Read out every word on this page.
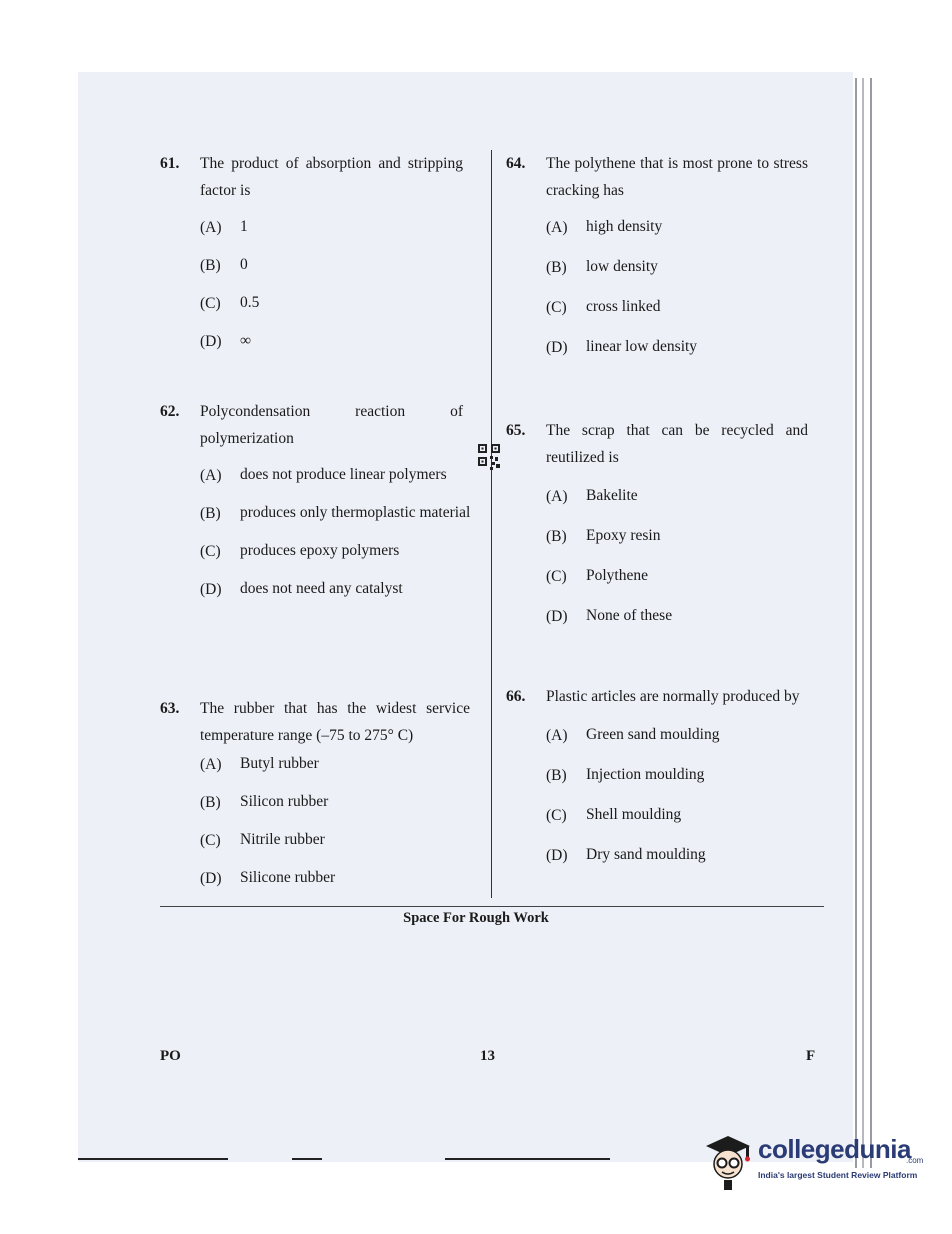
61. The product of absorption and stripping factor is
(A)	1
(B)	0
(C)	0.5
(D)	∞
62. Polycondensation reaction of polymerization
(A)	does not produce linear polymers
(B)	produces only thermoplastic material
(C)	produces epoxy polymers
(D)	does not need any catalyst
63. The rubber that has the widest service temperature range (–75 to 275° C)
(A)	Butyl rubber
(B)	Silicon rubber
(C)	Nitrile rubber
(D)	Silicone rubber
64. The polythene that is most prone to stress cracking has
(A)	high density
(B)	low density
(C)	cross linked
(D)	linear low density
65. The scrap that can be recycled and reutilized is
(A)	Bakelite
(B)	Epoxy resin
(C)	Polythene
(D)	None of these
66. Plastic articles are normally produced by
(A)	Green sand moulding
(B)	Injection moulding
(C)	Shell moulding
(D)	Dry sand moulding
Space For Rough Work
PO	13	F
collegedunia
.com
India's largest Student Review Platform
